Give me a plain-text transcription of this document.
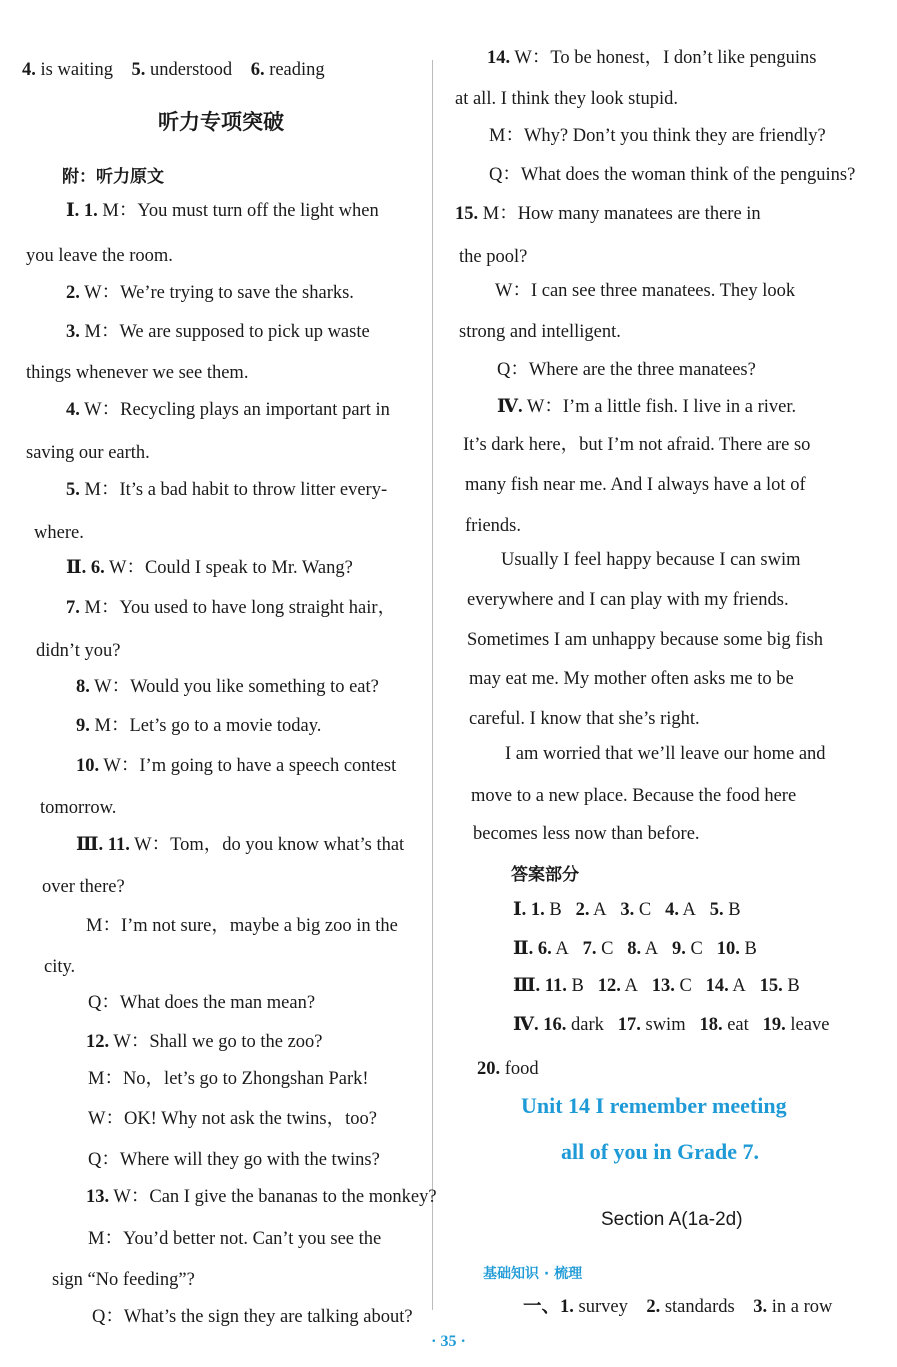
4. is waiting 5. understood 6. reading
听力专项突破
附：听力原文
Ⅰ. 1. M：You must turn off the light when
you leave the room.
2. W：We’re trying to save the sharks.
3. M：We are supposed to pick up waste
things whenever we see them.
4. W：Recycling plays an important part in
saving our earth.
5. M：It’s a bad habit to throw litter every-
where.
Ⅱ. 6. W：Could I speak to Mr. Wang?
7. M：You used to have long straight hair，
didn’t you?
8. W：Would you like something to eat?
9. M：Let’s go to a movie today.
10. W：I’m going to have a speech contest
tomorrow.
Ⅲ. 11. W：Tom，do you know what’s that
over there?
M：I’m not sure，maybe a big zoo in the
city.
Q：What does the man mean?
12. W：Shall we go to the zoo?
M：No，let’s go to Zhongshan Park!
W：OK! Why not ask the twins，too?
Q：Where will they go with the twins?
13. W：Can I give the bananas to the monkey?
M：You’d better not. Can’t you see the
sign “No feeding”?
Q：What’s the sign they are talking about?
14. W：To be honest，I don’t like penguins
at all. I think they look stupid.
M：Why? Don’t you think they are friendly?
Q：What does the woman think of the penguins?
15. M：How many manatees are there in
the pool?
W：I can see three manatees. They look
strong and intelligent.
Q：Where are the three manatees?
Ⅳ. W：I’m a little fish. I live in a river.
It’s dark here，but I’m not afraid. There are so
many fish near me. And I always have a lot of
friends.
Usually I feel happy because I can swim
everywhere and I can play with my friends.
Sometimes I am unhappy because some big fish
may eat me. My mother often asks me to be
careful. I know that she’s right.
I am worried that we’ll leave our home and
move to a new place. Because the food here
becomes less now than before.
答案部分
Ⅰ. 1. B 2. A 3. C 4. A 5. B
Ⅱ. 6. A 7. C 8. A 9. C 10. B
Ⅲ. 11. B 12. A 13. C 14. A 15. B
Ⅳ. 16. dark 17. swim 18. eat 19. leave
20. food
Unit 14 I remember meeting
all of you in Grade 7.
Section A(1a-2d)
基础知识 · 梳理
一、1. survey 2. standards 3. in a row
· 35 ·
